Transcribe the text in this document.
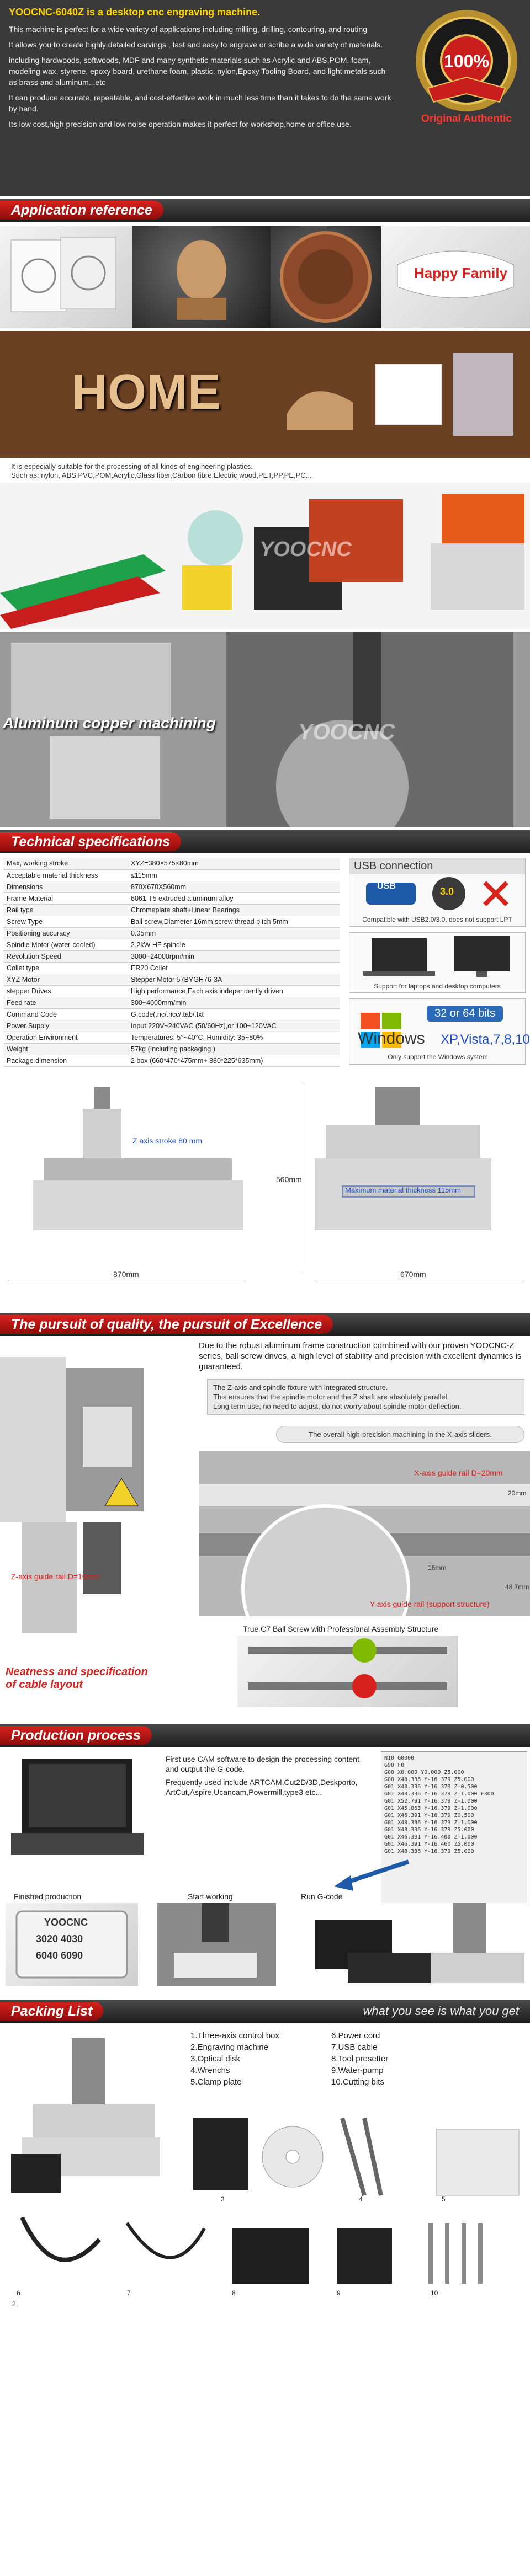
YOOCNC-6040Z is a desktop cnc engraving machine.

This machine is perfect for a wide variety of applications including milling, drilling, contouring, and routing

It allows you to create highly detailed carvings , fast and easy to engrave or scribe a wide variety of materials.

including hardwoods, softwoods, MDF and many synthetic materials such as Acrylic and ABS,POM, foam, modeling wax, styrene, epoxy board, urethane foam, plastic, nylon,Epoxy Tooling Board, and light metals such as brass and aluminum...etc

It can produce accurate, repeatable, and cost-effective work in much less time than it takes to do the same work by hand.

Its low cost,high precision and low noise operation makes it perfect for workshop,home or office use.

100%
Original Authentic
Application reference
Happy Family
HOME
It is especially suitable for the processing of all kinds of engineering plastics.
Such as: nylon, ABS,PVC,POM,Acrylic,Glass fiber,Carbon fibre,Electric wood,PET,PP,PE,PC...
YOOCNC
Aluminum copper machining	YOOCNC
Technical specifications
Max, working stroke	XYZ=380×575×80mm
Acceptable material thickness	≤115mm
Dimensions	870X670X560mm
Frame Material	6061-T5 extruded aluminum alloy
Rail type	Chromeplate shaft+Linear Bearings
Screw Type	Ball screw,Diameter 16mm,screw thread pitch 5mm
Positioning accuracy	0.05mm
Spindle Motor (water-cooled)	2.2kW HF spindle
Revolution Speed	3000~24000rpm/min
Collet type	ER20 Collet
XYZ Motor	Stepper Motor 57BYGH76-3A
stepper Drives	High performance,Each axis independently driven
Feed rate	300~4000mm/min
Command Code	G code(.nc/.ncc/.tab/.txt
Power Supply	Input 220V~240VAC (50/60Hz),or 100~120VAC
Operation Environment	Temperatures: 5°~40°C; Humidity: 35~80%
Weight	57kg (Including packaging )
Package dimension	2 box (660*470*475mm+ 880*225*635mm)
USB connection
USB	3.0
Compatible with USB2.0/3.0, does not support LPT
Support for laptops and desktop computers
32 or 64 bits
Windows XP,Vista,7,8,10
Only support the Windows system
Z axis stroke 80 mm
870mm
560mm
670mm
Maximum material thickness 115mm
The pursuit of quality, the pursuit of Excellence
Due to the robust aluminum frame construction combined with our proven YOOCNC-Z series, ball screw drives, a high level of stability and precision with excellent dynamics is guaranteed.
The Z-axis and spindle fixture with integrated structure.
This ensures that the spindle motor and the Z shaft are absolutely parallel.
Long term use, no need to adjust, do not worry about spindle motor deflection.
The overall high-precision machining in the X-axis sliders.
Z-axis guide rail D=16mm
X-axis guide rail D=20mm
20mm
16mm
48.7mm
Y-axis guide rail (support structure)
True C7 Ball Screw with Professional Assembly Structure
Neatness and specification of cable layout
Production process
First use CAM software to design the processing content and output the G-code.
Frequently used include ARTCAM,Cut2D/3D,Deskporto, ArtCut,Aspire,Ucancam,Powermill,type3 etc...
N10 G0000
G90 F0
G00 X0.000 Y0.000 Z5.000
G00 X48.336 Y-16.379 Z5.000
G01 X48.336 Y-16.379 Z-0.500
G01 X48.336 Y-16.379 Z-1.000 F300
G01 X52.791 Y-16.379 Z-1.000
G01 X45.863 Y-16.379 Z-1.000
G01 X46.391 Y-16.379 Z0.500
G01 X48.336 Y-16.379 Z-1.000
G01 X48.336 Y-16.379 Z5.000
G01 X46.391 Y-16.400 Z-1.000
G01 X46.391 Y-16.460 Z5.000
G01 X48.336 Y-16.379 Z5.000
Finished production	Start working	Run G-code
YOOCNC
3020 4030
6040 6090
Packing List	what you see is what you get
1.Three-axis control box
2.Engraving machine
3.Optical disk
4.Wrenchs
5.Clamp plate
6.Power cord
7.USB cable
8.Tool presetter
9.Water-pump
10.Cutting bits
2
3	4	5
6	7	8	9	10
